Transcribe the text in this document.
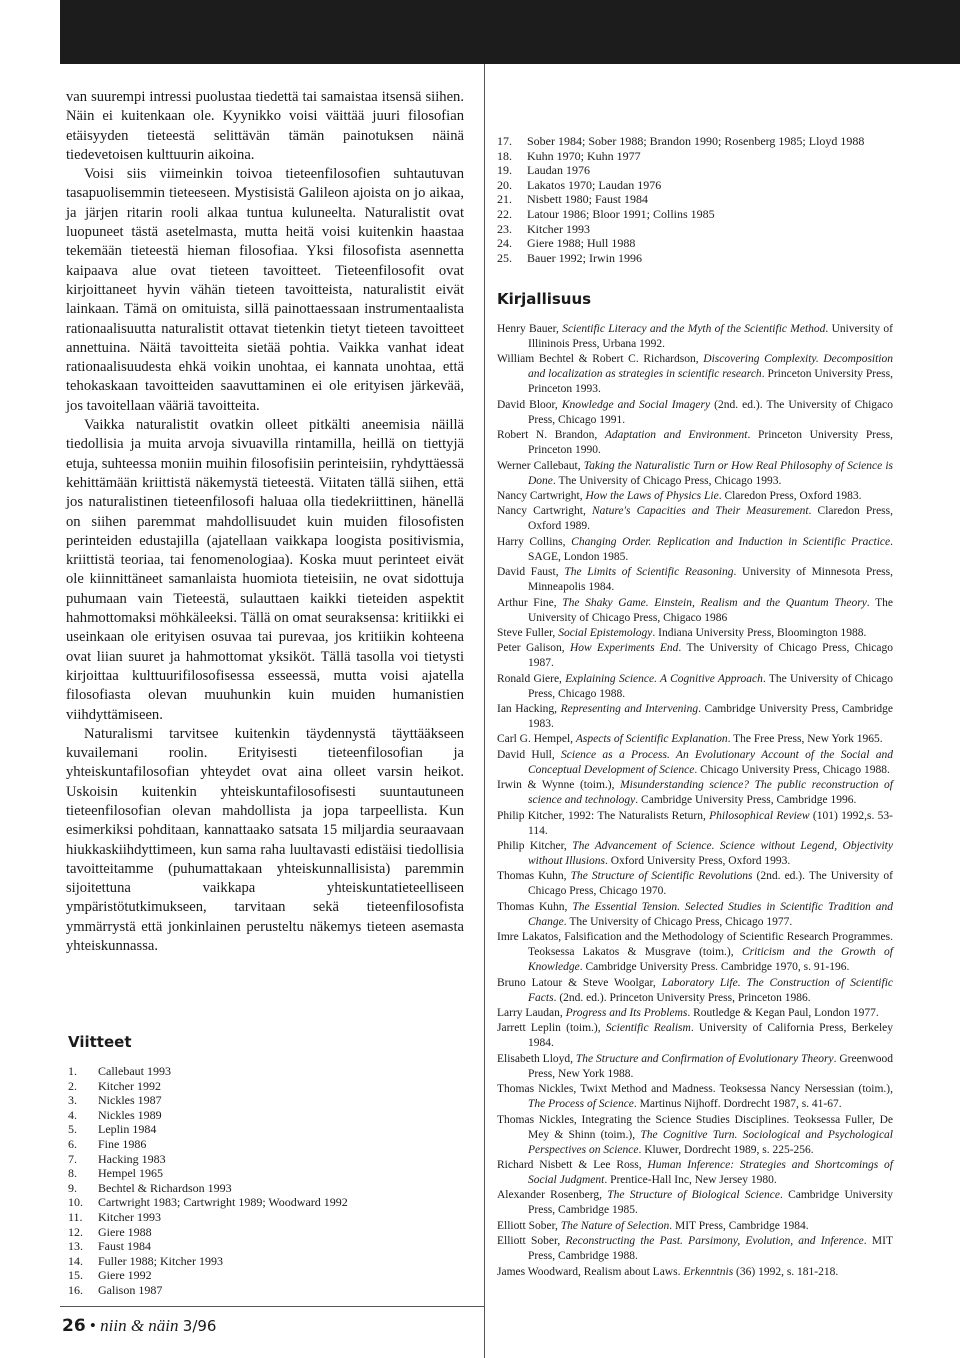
van suurempi intressi puolustaa tiedettä tai samaistaa itsensä siihen. Näin ei kuitenkaan ole. Kyynikko voisi väittää juuri filosofian etäisyyden tieteestä selittävän tämän painotuksen näinä tiedevetoisen kulttuurin aikoina.

Voisi siis viimeinkin toivoa tieteenfilosofien suhtautuvan tasapuolisemmin tieteeseen. Mystisistä Galileon ajoista on jo aikaa, ja järjen ritarin rooli alkaa tuntua kuluneelta. Naturalistit ovat luopuneet tästä asetelmasta, mutta heitä voisi kuitenkin haastaa tekemään tieteestä hieman filosofiaa. Yksi filosofista asennetta kaipaava alue ovat tieteen tavoitteet. Tieteenfilosofit ovat kirjoittaneet hyvin vähän tieteen tavoitteista, naturalistit eivät lainkaan. Tämä on omituista, sillä painottaessaan instrumentaalista rationaalisuutta naturalistit ottavat tietenkin tietyt tieteen tavoitteet annettuina. Näitä tavoitteita sietää pohtia. Vaikka vanhat ideat rationaalisuudesta ehkä voikin unohtaa, ei kannata unohtaa, että tehokaskaan tavoitteiden saavuttaminen ei ole erityisen järkevää, jos tavoitellaan vääriä tavoitteita.

Vaikka naturalistit ovatkin olleet pitkälti aneemisia näillä tiedollisia ja muita arvoja sivuavilla rintamilla, heillä on tiettyjä etuja, suhteessa moniin muihin filosofisiin perinteisiin, ryhdyttäessä kehittämään kriittistä näkemystä tieteestä. Viitaten tällä siihen, että jos naturalistinen tieteenfilosofi haluaa olla tiedekriittinen, hänellä on siihen paremmat mahdollisuudet kuin muiden filosofisten perinteiden edustajilla (ajatellaan vaikkapa loogista positivismia, kriittistä teoriaa, tai fenomenologiaa). Koska muut perinteet eivät ole kiinnittäneet samanlaista huomiota tieteisiin, ne ovat sidottuja puhumaan vain Tieteestä, sulauttaen kaikki tieteiden aspektit hahmottomaksi möhkäleeksi. Tällä on omat seuraksensa: kritiikki ei useinkaan ole erityisen osuvaa tai purevaa, jos kritiikin kohteena ovat liian suuret ja hahmottomat yksiköt. Tällä tasolla voi tietysti kirjoittaa kulttuurifilosofisessa esseessä, mutta voisi ajatella filosofiasta olevan muuhunkin kuin muiden humanistien viihdyttämiseen.

Naturalismi tarvitsee kuitenkin täydennystä täyttääkseen kuvailemani roolin. Erityisesti tieteenfilosofian ja yhteiskuntafilosofian yhteydet ovat aina olleet varsin heikot. Uskoisin kuitenkin yhteiskuntafilosofisesti suuntautuneen tieteenfilosofian olevan mahdollista ja jopa tarpeellista. Kun esimerkiksi pohditaan, kannattaako satsata 15 miljardia seuraavaan hiukkaskiihdyttimeen, kun sama raha luultavasti edistäisi tiedollisia tavoitteitamme (puhumattakaan yhteiskunnallisista) paremmin sijoitettuna vaikkapa yhteiskuntatieteelliseen ympäristötutkimukseen, tarvitaan sekä tieteenfilosofista ymmärrystä että jonkinlainen perusteltu näkemys tieteen asemasta yhteiskunnassa.

Viitteet
1.	Callebaut 1993
2.	Kitcher 1992
3.	Nickles 1987
4.	Nickles 1989
5.	Leplin 1984
6.	Fine 1986
7.	Hacking 1983
8.	Hempel 1965
9.	Bechtel & Richardson 1993
10.	Cartwright 1983; Cartwright 1989; Woodward 1992
11.	Kitcher 1993
12.	Giere 1988
13.	Faust 1984
14.	Fuller 1988; Kitcher 1993
15.	Giere 1992
16.	Galison 1987
17.	Sober 1984; Sober 1988; Brandon 1990; Rosenberg 1985; Lloyd 1988
18.	Kuhn 1970; Kuhn 1977
19.	Laudan 1976
20.	Lakatos 1970; Laudan 1976
21.	Nisbett 1980; Faust 1984
22.	Latour 1986; Bloor 1991; Collins 1985
23.	Kitcher 1993
24.	Giere 1988; Hull 1988
25.	Bauer 1992; Irwin 1996
Kirjallisuus
Henry Bauer, Scientific Literacy and the Myth of the Scientific Method. University of Illininois Press, Urbana 1992.
William Bechtel & Robert C. Richardson, Discovering Complexity. Decomposition and localization as strategies in scientific research. Princeton University Press, Princeton 1993.
David Bloor, Knowledge and Social Imagery (2nd. ed.). The University of Chigaco Press, Chicago 1991.
Robert N. Brandon, Adaptation and Environment. Princeton University Press, Princeton 1990.
Werner Callebaut, Taking the Naturalistic Turn or How Real Philosophy of Science is Done. The University of Chicago Press, Chicago 1993.
Nancy Cartwright, How the Laws of Physics Lie. Claredon Press, Oxford 1983.
Nancy Cartwright, Nature's Capacities and Their Measurement. Claredon Press, Oxford 1989.
Harry Collins, Changing Order. Replication and Induction in Scientific Practice. SAGE, London 1985.
David Faust, The Limits of Scientific Reasoning. University of Minnesota Press, Minneapolis 1984.
Arthur Fine, The Shaky Game. Einstein, Realism and the Quantum Theory. The University of Chicago Press, Chigaco 1986
Steve Fuller, Social Epistemology. Indiana University Press, Bloomington 1988.
Peter Galison, How Experiments End. The University of Chicago Press, Chicago 1987.
Ronald Giere, Explaining Science. A Cognitive Approach. The University of Chicago Press, Chicago 1988.
Ian Hacking, Representing and Intervening. Cambridge University Press, Cambridge 1983.
Carl G. Hempel, Aspects of Scientific Explanation. The Free Press, New York 1965.
David Hull, Science as a Process. An Evolutionary Account of the Social and Conceptual Development of Science. Chicago University Press, Chicago 1988.
Irwin & Wynne (toim.), Misunderstanding science? The public reconstruction of science and technology. Cambridge University Press, Cambridge 1996.
Philip Kitcher, 1992: The Naturalists Return, Philosophical Review (101) 1992,s. 53-114.
Philip Kitcher, The Advancement of Science. Science without Legend, Objectivity without Illusions. Oxford University Press, Oxford 1993.
Thomas Kuhn, The Structure of Scientific Revolutions (2nd. ed.). The University of Chicago Press, Chicago 1970.
Thomas Kuhn, The Essential Tension. Selected Studies in Scientific Tradition and Change. The University of Chicago Press, Chicago 1977.
Imre Lakatos, Falsification and the Methodology of Scientific Research Programmes. Teoksessa Lakatos & Musgrave (toim.), Criticism and the Growth of Knowledge. Cambridge University Press. Cambridge 1970, s. 91-196.
Bruno Latour & Steve Woolgar, Laboratory Life. The Construction of Scientific Facts. (2nd. ed.). Princeton University Press, Princeton 1986.
Larry Laudan, Progress and Its Problems. Routledge & Kegan Paul, London 1977.
Jarrett Leplin (toim.), Scientific Realism. University of California Press, Berkeley 1984.
Elisabeth Lloyd, The Structure and Confirmation of Evolutionary Theory. Greenwood Press, New York 1988.
Thomas Nickles, Twixt Method and Madness. Teoksessa Nancy Nersessian (toim.), The Process of Science. Martinus Nijhoff. Dordrecht 1987, s. 41-67.
Thomas Nickles, Integrating the Science Studies Disciplines. Teoksessa Fuller, De Mey & Shinn (toim.), The Cognitive Turn. Sociological and Psychological Perspectives on Science. Kluwer, Dordrecht 1989, s. 225-256.
Richard Nisbett & Lee Ross, Human Inference: Strategies and Shortcomings of Social Judgment. Prentice-Hall Inc, New Jersey 1980.
Alexander Rosenberg, The Structure of Biological Science. Cambridge University Press, Cambridge 1985.
Elliott Sober, The Nature of Selection. MIT Press, Cambridge 1984.
Elliott Sober, Reconstructing the Past. Parsimony, Evolution, and Inference. MIT Press, Cambridge 1988.
James Woodward, Realism about Laws. Erkenntnis (36) 1992, s. 181-218.
26 • niin & näin 3/96
